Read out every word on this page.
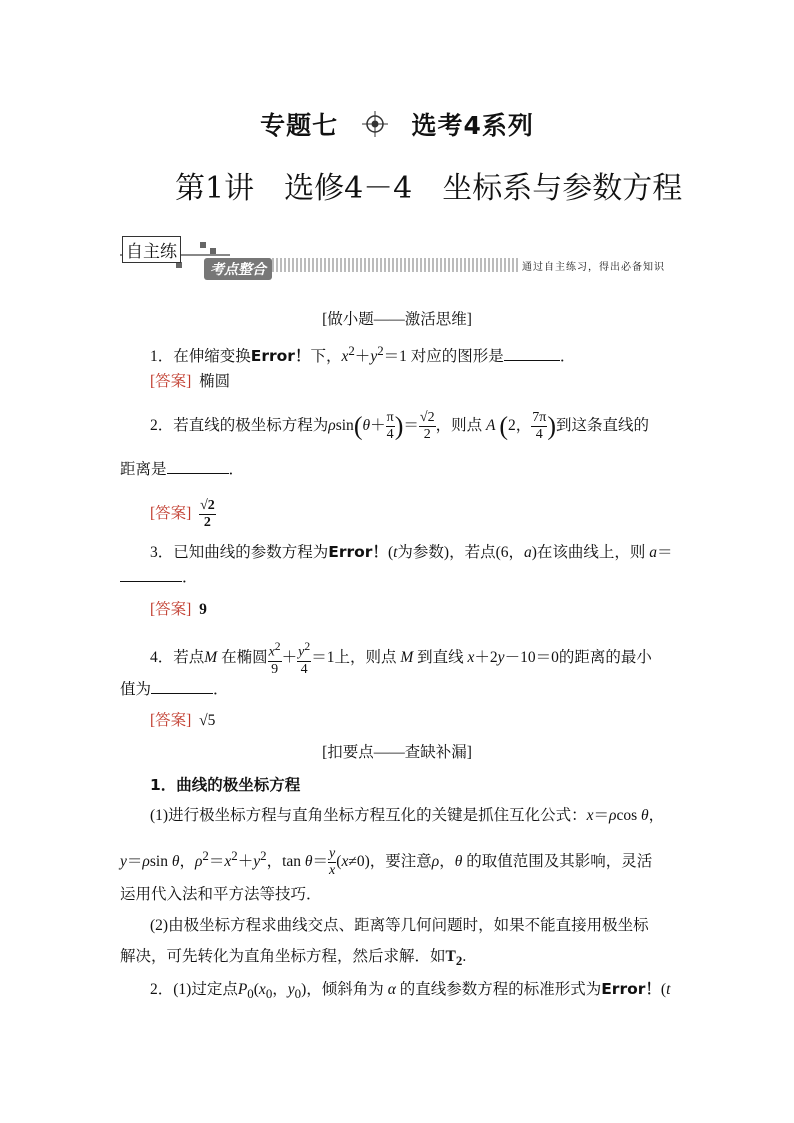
专题七	选考4系列
第1讲 选修4－4 坐标系与参数方程
自主练
考点整合	通过自主练习，得出必备知识
[做小题——激活思维]
1．在伸缩变换Error！下，$x^2+y^2=1$ 对应的图形是	．
[答案] 椭圆
2．若直线的极坐标方程为$\rho\sin(\theta+ \frac{\pi}{4}$ )＝ $\frac{√2}{2}$ ，则点 A (2， $\frac{7\pi}{4}$ )到这条直线的
距离是	．
[答案] $\frac{√2}{2}$
3．已知曲线的参数方程为Error！(t为参数)，若点(6，a)在该曲线上，则 a＝
．
[答案] 9
4．若点M 在椭圆 $\frac{x^2}{9} + \frac{y^2}{4} =1$上，则点 M 到直线 x＋2y－10＝0的距离的最小
值为	．
[答案] √5
[扣要点——查缺补漏]
1．曲线的极坐标方程
(1)进行极坐标方程与直角坐标方程互化的关键是抓住互化公式：x＝ρcos θ，
y＝ρsin θ，$\rho^2=x^2+y^2$，$\tan \theta= \frac{y}{x} (x\ne 0)$，要注意ρ，θ 的取值范围及其影响，灵活
运用代入法和平方法等技巧．
(2)由极坐标方程求曲线交点、距离等几何问题时，如果不能直接用极坐标
解决，可先转化为直角坐标方程，然后求解．如$T_2$.
2．(1)过定点$P_0(x_0$，$y_0$)，倾斜角为 α 的直线参数方程的标准形式为Error！(t
